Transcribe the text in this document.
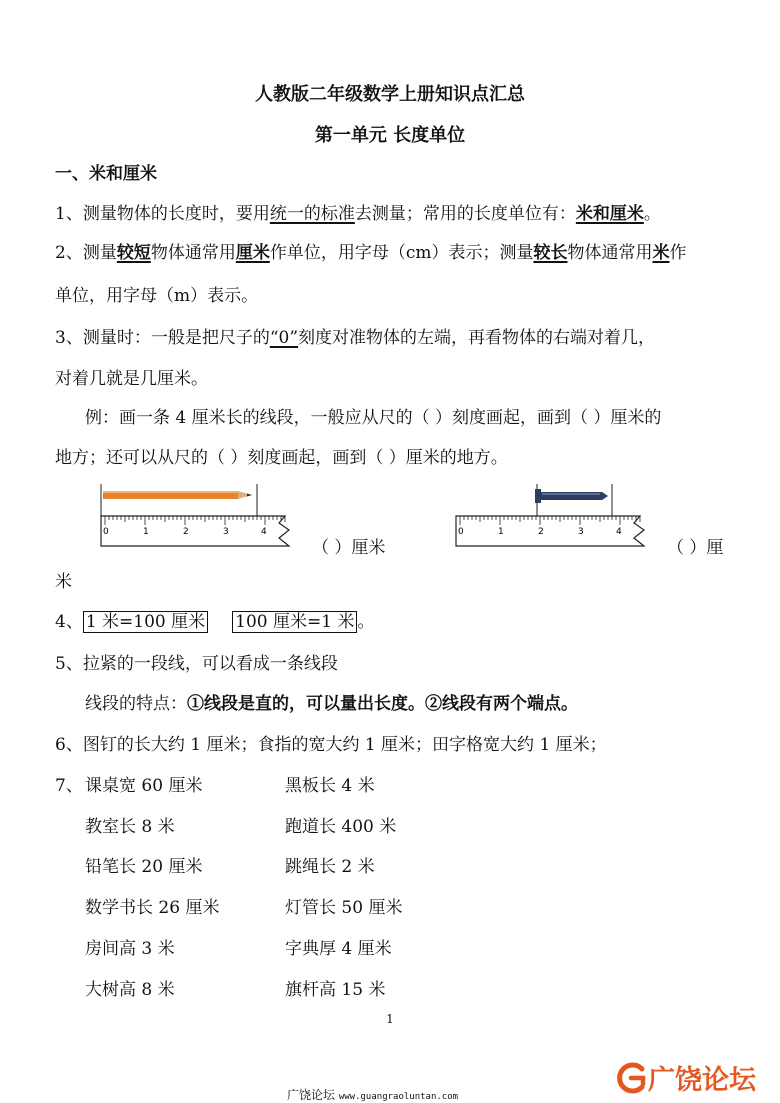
人教版二年级数学上册知识点汇总
第一单元 长度单位
一、米和厘米
1、测量物体的长度时，要用统一的标准去测量；常用的长度单位有：米和厘米。
2、测量较短物体通常用厘米作单位，用字母（cm）表示；测量较长物体通常用米作
单位，用字母（m）表示。
3、测量时：一般是把尺子的“0”刻度对准物体的左端，再看物体的右端对着几，
对着几就是几厘米。
例：画一条 4 厘米长的线段，一般应从尺的（ ）刻度画起，画到（ ）厘米的
地方；还可以从尺的（ ）刻度画起，画到（ ）厘米的地方。
0	1	2	3	4
（ ）厘米
0	1	2	3	4
（ ）厘
米
4、 1 米=100 厘米 100 厘米=1 米 。
5、拉紧的一段线，可以看成一条线段
线段的特点：①线段是直的，可以量出长度。②线段有两个端点。
6、图钉的长大约 1 厘米；食指的宽大约 1 厘米；田字格宽大约 1 厘米；
7、 课桌宽 60 厘米	黑板长 4 米
教室长 8 米	跑道长 400 米
铅笔长 20 厘米	跳绳长 2 米
数学书长 26 厘米	灯管长 50 厘米
房间高 3 米	字典厚 4 厘米
大树高 8 米	旗杆高 15 米
1
广饶论坛 www.guangraoluntan.com
广饶论坛
